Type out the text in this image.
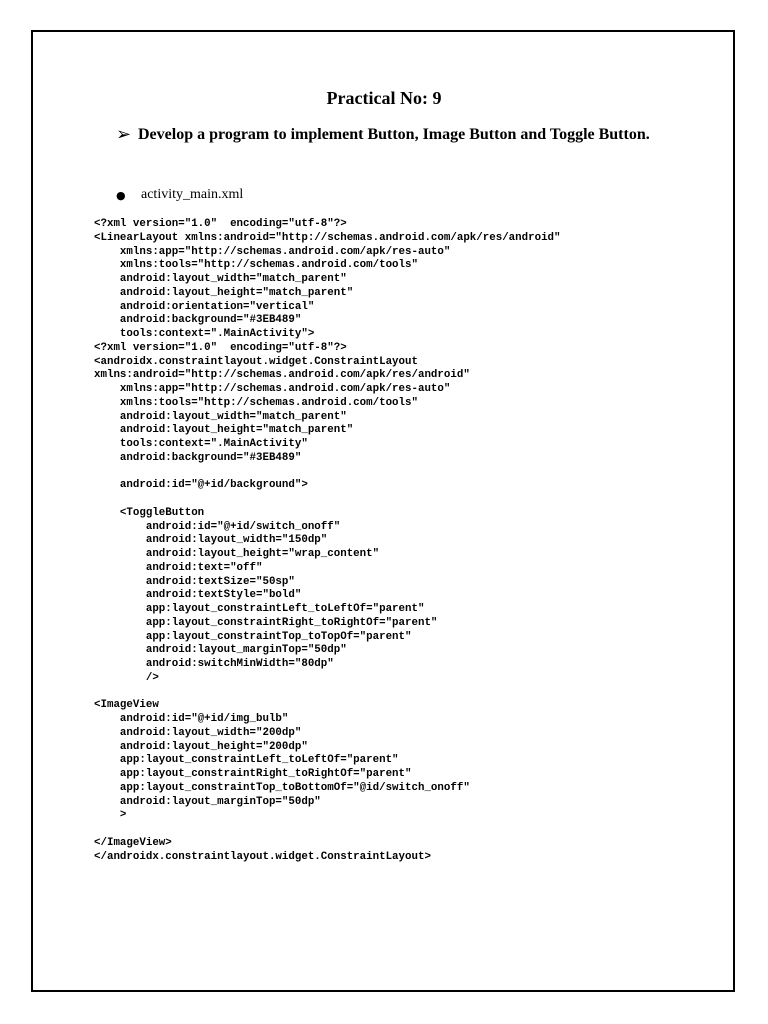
Practical No: 9
➢ Develop a program to implement Button, Image Button and Toggle Button.
●	activity_main.xml
<?xml version="1.0"  encoding="utf-8"?>
<LinearLayout xmlns:android="http://schemas.android.com/apk/res/android"
xmlns:app="http://schemas.android.com/apk/res-auto"
xmlns:tools="http://schemas.android.com/tools"
android:layout_width="match_parent"
android:layout_height="match_parent"
android:orientation="vertical"
android:background="#3EB489"
tools:context=".MainActivity">
<?xml version="1.0"  encoding="utf-8"?>
<androidx.constraintlayout.widget.ConstraintLayout
xmlns:android="http://schemas.android.com/apk/res/android"
xmlns:app="http://schemas.android.com/apk/res-auto"
xmlns:tools="http://schemas.android.com/tools"
android:layout_width="match_parent"
android:layout_height="match_parent"
tools:context=".MainActivity"
android:background="#3EB489"

android:id="@+id/background">

<ToggleButton
android:id="@+id/switch_onoff"
android:layout_width="150dp"
android:layout_height="wrap_content"
android:text="off"
android:textSize="50sp"
android:textStyle="bold"
app:layout_constraintLeft_toLeftOf="parent"
app:layout_constraintRight_toRightOf="parent"
app:layout_constraintTop_toTopOf="parent"
android:layout_marginTop="50dp"
android:switchMinWidth="80dp"
/>

<ImageView
android:id="@+id/img_bulb"
android:layout_width="200dp"
android:layout_height="200dp"
app:layout_constraintLeft_toLeftOf="parent"
app:layout_constraintRight_toRightOf="parent"
app:layout_constraintTop_toBottomOf="@id/switch_onoff"
android:layout_marginTop="50dp"
>

</ImageView>
</androidx.constraintlayout.widget.ConstraintLayout>
